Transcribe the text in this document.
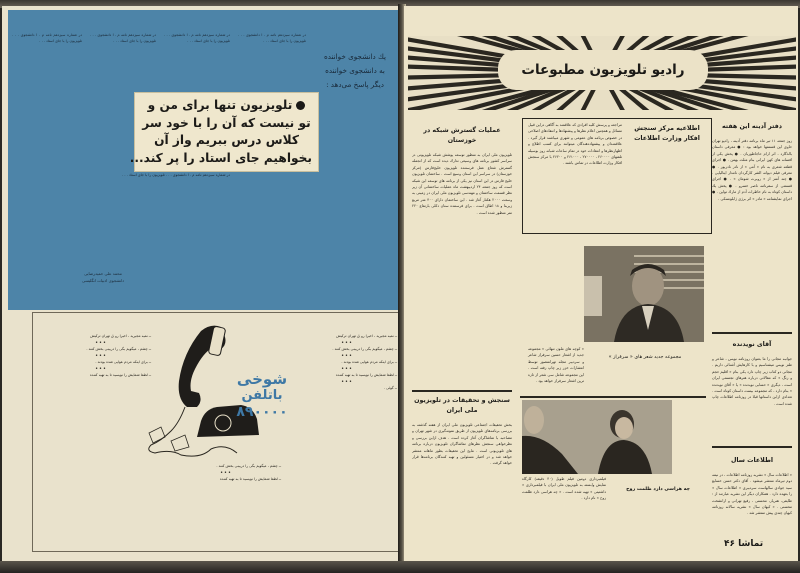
در شماره سیزدهم نامه م . ا دانشجوی . . . تلویزیون را با جای استاد . . .
در شماره سیزدهم نامه م . ا دانشجوی . . . تلویزیون را با جای استاد . . .
در شماره سیزدهم نامه م . ا دانشجوی . . . تلویزیون را با جای استاد . . .
در شماره سیزدهم نامه م . ا دانشجوی . . . تلویزیون را با جای استاد . . .
در شماره سیزدهم نامه م . ا دانشجوی . . . تلویزیون را با جای استاد . . .
یك دانشجوی خواننده
به دانشجوی خواننده
دیگر پاسخ می‌دهد :
تلویزیون تنها برای من و
تو نیست که آن را با خود سر
کلاس درس ببریم واز آن
بخواهیم جای استاد را پر کند...
محمد علی حمیدرضایی
دانشجوی ادبیات انگلیسی

ــ نمیه مجیرید ، اخیرا رو ق تهران ترکیش

•••

ــ چشم ، میگویم بگی را دربینی بخش کنند .

•••

ــ برای اینکه مردم هوایی شده بودند .

•••

ــ لطفا شمایش را نویسید تا به تهیه کننده

•••

ــ گوئی .

ــ نمیه مجیرید ، اخیرا رو ق تهران ترکیش

•••

ــ چشم ، میگویم بگی را دربینی بخش کنند .

•••

ــ برای اینکه مردم هوایی شده بودند .

•••

ــ لطفا شمایش را نویسید تا به تهیه کننده

ــ چشم ، میگویم بگی را دربینی بخش کنند .

•••

ــ لطفا شمایش را نویسید تا به تهیه کننده

شوخی
باتلفن
۸۹۰۰۰۰
رادیو تلویزیون مطبوعات
دفتر آدینه این هفته

روز جمعه ۱۱ تیر ماه برنامه دفتر آدینه ، رادیو تهران حاوی این قسمتها خواهد بود : ● معرفی داستان بالذگارد ، اثر ارام حاجاطوریان . ● پخش یکی از افسانه های کهن ایرانی بنام مثلث بهمن . ● اجرای قطعه شعری به نام « آنتی » از نادر نادرپور . ● معرفی فیلم دیوانه الشر کارگردان نامدار ایتالیایی . ● چند آنتنز از « روبرت شومان » . ● اجرای قسمتی از سفرنامه ناصر خسرو . ● پخش یك داستان کوتاه به نام خاطرات آدم از مارك تواین . ● اجرای نمایشنامه « مادر » اثر برژی ژابلونسکی .

آقای نویدنده

جوانبه مجانی را ما بعنوان روزنامه نویس ، شاعر و طنز نویس میشناسیم و با کارهایش آشنائی داریم . مجانی دو کتاب زیر چاپ دارد یکی بنام « اقلیم حجم و رنگ » که مقالاتی درباره هنرهای تجسمی ایران است ، دیگری « حسابی نویدنده » یا « آقای نویدنده » بنام دارد ، که مجموعه بیست داستان کوتاه است . تعدادی ازاین داستانها قبلا در روزنامه اطلاعات چاپ شده است .

اطلاعات سال

« اطلاعات سال » نشریه روزنامه اطلاعات ، در نیمه دوم تیرماه منتشر میشود . آقای دکتر حسن خسابع سید جوادی سالهاست سردبیری « اطلاعات سال » را بعهده دارد . همکاران دیگر این نشریه عبارتند از : طایفی، هنریار، محسنی ، رفیع تهرانی و ارانشخت محسنی . « کیهان سال » نشریه سالانه روزنامه کیهان چندی پیش منتشر شد .

اطلاعیه مرکز سنجش افکار وزارت اطلاعات

مراجعه و پرسش کلیه افرادی که علاقمند به آگاهی دراین قبیل مسائل و همچنین اعلام نظرها و پیشنهادها و انتقادهای اصلاحی در خصوص برنامه های عمومی و شهری میباشند قرار گیرد . علاقمندان و پیشنهاددهندگان میتوانند برای کسب اطلاع و اظهارنظرها و انتقادات خود در تمام ساعات شبانه روز بوسیله تلفنهای ۲۶۰۰۰۰ ، ۲۷۰۰۰۰ ، ۲۶۱۰۰۰ و ۲۶۲۰۰ با مرکز سنجش افکار وزارت اطلاعات در تماس باشند .

عملیات گسترش شبکه در خوزستان

تلویزیون ملی ایران به منظور توسعه پوشش شبکه تلویزیونی در سراسر کشور برنامه های وسیعی تدارك دیده است که از انجمله گسترش شعاع عمل فرستنده تلویزیون خلیج‌فارس (مرکز خوزستان) در سراسر این استان وسیع است . ساختمان تلویزیون خلیج فارس در این استان نیز یکی از برنامه های توسعه این شبکه است که روز جمعه ۲۴ اردیبهشت ماه عملیات ساختمانی آن زیر نظر قسمت ساختمان و مهندسی تلویزیون ملی ایران در زمینی به وسعت ۲۰۰۰ هکتار آغاز شد . این ساختمان دارای ۴۰۰ متر مربع زیربنا و ۱۸ اطاق است . برای فرستنده ستان دکلی بارتفاع ۲۲۰ متر منظور شده است .

سنجش و تحقیقات در تلویزیون ملی ایران

بخش تحقیقات اجتماعی تلویزیون ملی ایران از هفته گذشته به بررسی برنامه‌های تلویزیون از طریق نمونه‌گیری در شهر تهران و مصاحبه با تماشاگران آغاز کرده است . هدف ازاین بررسی و نظرخواهی سنجش نظرهای تماشاگران تلویزیون درباره برنامه های تلویزیونی است . نتایج این تحقیقات بطور ماهانه منتشر خواهد شد و در اختیار مسئولین و تهیه کنندگان برنامه‌ها قرار خواهد گرفت .

« کوچه های ملون تنهائی » مجموعه جدید از اشعار حسین سرفراز شاعر و سردبیر مجله تهرانمصور توسط انتشارات خزر زیر چاپ رفته است . این مجموعه شامل سی شعر از تازه ترین اشعار سرفراز خواهد بود .

مجموعه جدید شعر های « سرفراز »

فیلمبرداری دومین فیلم طویل (۴۰ دقیقه) کارگاه نمایش وابسته به تلویزیون ملی ایران با فیلمبرداری « داشتیتی » تهیه شده است . « چه هراسی دارد ظلمت روح » نام دارد .

چه هراسی دارد ظلمت روح
تماشا ۴۶
